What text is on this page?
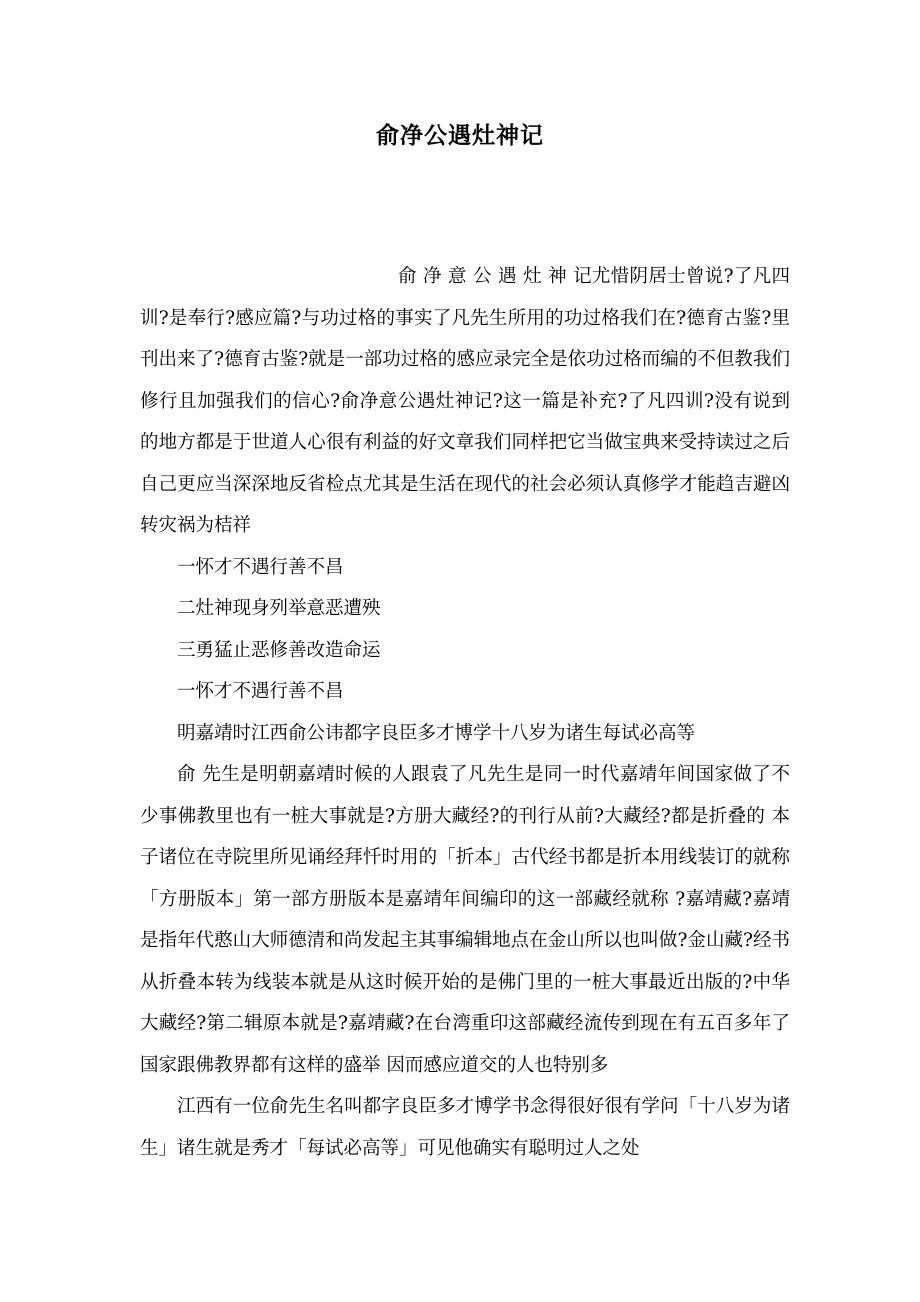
俞净公遇灶神记

俞 净 意 公 遇 灶 神 记尤惜阴居士曾说?了凡四训?是奉行?感应篇?与功过格的事实了凡先生所用的功过格我们在?德育古鉴?里刊出来了?德育古鉴?就是一部功过格的感应录完全是依功过格而编的不但教我们修行且加强我们的信心?俞净意公遇灶神记?这一篇是补充?了凡四训?没有说到的地方都是于世道人心很有利益的好文章我们同样把它当做宝典来受持读过之后自己更应当深深地反省检点尤其是生活在现代的社会必须认真修学才能趋吉避凶转灾祸为桔祥

一怀才不遇行善不昌

二灶神现身列举意恶遭殃

三勇猛止恶修善改造命运

一怀才不遇行善不昌

明嘉靖时江西俞公讳都字良臣多才博学十八岁为诸生每试必高等

俞 先生是明朝嘉靖时候的人跟袁了凡先生是同一时代嘉靖年间国家做了不少事佛教里也有一桩大事就是?方册大藏经?的刊行从前?大藏经?都是折叠的 本子诸位在寺院里所见诵经拜忏时用的「折本」古代经书都是折本用线装订的就称「方册版本」第一部方册版本是嘉靖年间编印的这一部藏经就称 ?嘉靖藏?嘉靖是指年代憨山大师德清和尚发起主其事编辑地点在金山所以也叫做?金山藏?经书从折叠本转为线装本就是从这时候开始的是佛门里的一桩大事最近出版的?中华大藏经?第二辑原本就是?嘉靖藏?在台湾重印这部藏经流传到现在有五百多年了国家跟佛教界都有这样的盛举 因而感应道交的人也特别多

江西有一位俞先生名叫都字良臣多才博学书念得很好很有学问「十八岁为诸生」诸生就是秀才「每试必高等」可见他确实有聪明过人之处
